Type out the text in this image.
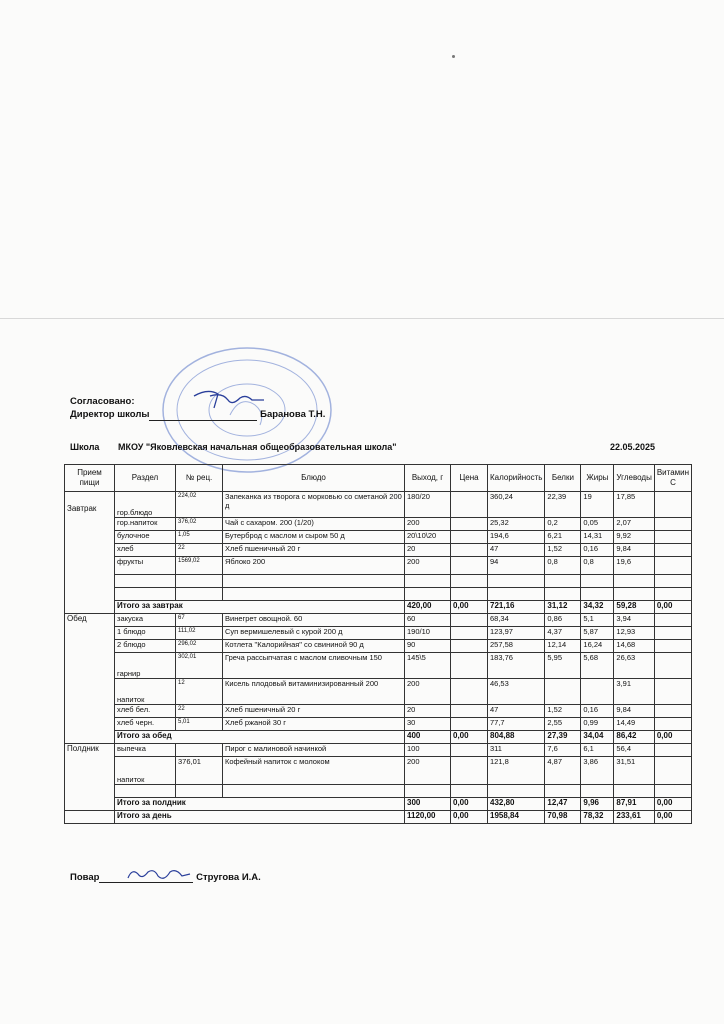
Согласовано:
Директор школы	Баранова Т.Н.
Школа МКОУ "Яковлевская начальная общеобразовательная школа"	22.05.2025
Прием пищи	Раздел	№ рец.	Блюдо	Выход, г	Цена	Калорийность	Белки	Жиры	Углеводы	Витамин С
Завтрак	гор.блюдо	224,02	Запеканка из творога с морковью со сметаной 200 д	180/20		360,24	22,39	19	17,85	
	гор.напиток	376,02	Чай с сахаром. 200 (1/20)	200		25,32	0,2	0,05	2,07	
	булочное	1,05	Бутерброд с маслом и сыром 50 д	20\10\20		194,6	6,21	14,31	9,92	
	хлеб	22	Хлеб пшеничный 20 г	20		47	1,52	0,16	9,84	
	фрукты	1569,02	Яблоко 200	200		94	0,8	0,8	19,6	

	Итого за завтрак			420,00	0,00	721,16	31,12	34,32	59,28	0,00
Обед	закуска	67	Винегрет овощной. 60	60		68,34	0,86	5,1	3,94	
	1 блюдо	111,02	Суп вермишелевый с курой 200 д	190/10		123,97	4,37	5,87	12,93	
	2 блюдо	296,02	Котлета "Калорийная" со свининой 90 д	90		257,58	12,14	16,24	14,68	
	гарнир	302,01	Греча рассыпчатая с маслом сливочным 150	145\5		183,76	5,95	5,68	26,63	
	напиток	12	Кисель плодовый витаминизированный 200	200		46,53			3,91	
	хлеб бел.	22	Хлеб пшеничный 20 г	20		47	1,52	0,16	9,84	
	хлеб черн.	5,01	Хлеб ржаной 30 г	30		77,7	2,55	0,99	14,49	
	Итого за обед			400	0,00	804,88	27,39	34,04	86,42	0,00
Полдник	выпечка		Пирог с малиновой начинкой	100		311	7,6	6,1	56,4	
	напиток	376,01	Кофейный напиток с молоком	200		121,8	4,87	3,86	31,51	

	Итого за полдник			300	0,00	432,80	12,47	9,96	87,91	0,00
	Итого за день			1120,00	0,00	1958,84	70,98	78,32	233,61	0,00
Повар	Стругова И.А.
